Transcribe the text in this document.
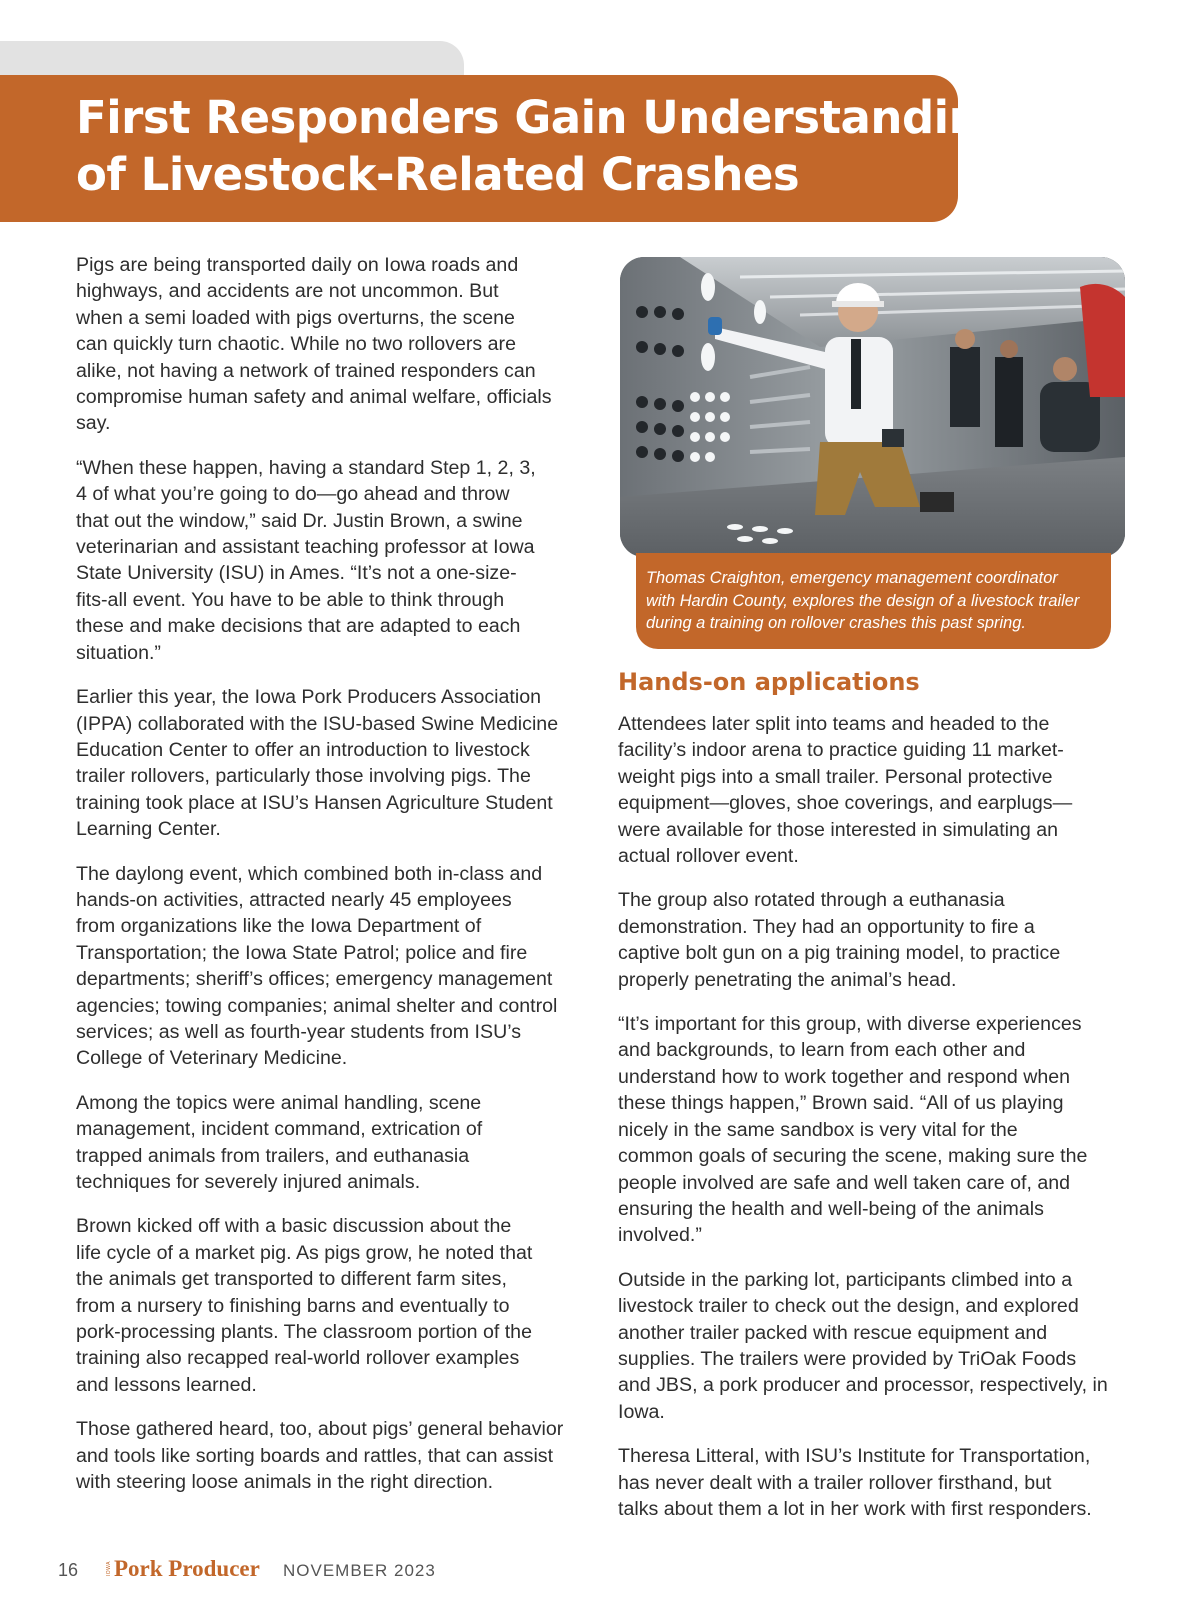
First Responders Gain Understanding
of Livestock-Related Crashes

Pigs are being transported daily on Iowa roads and
highways, and accidents are not uncommon. But
when a semi loaded with pigs overturns, the scene
can quickly turn chaotic. While no two rollovers are
alike, not having a network of trained responders can
compromise human safety and animal welfare, officials
say.

“When these happen, having a standard Step 1, 2, 3,
4 of what you’re going to do—go ahead and throw
that out the window,” said Dr. Justin Brown, a swine
veterinarian and assistant teaching professor at Iowa
State University (ISU) in Ames. “It’s not a one-size-
fits-all event. You have to be able to think through
these and make decisions that are adapted to each
situation.”

Earlier this year, the Iowa Pork Producers Association
(IPPA) collaborated with the ISU-based Swine Medicine
Education Center to offer an introduction to livestock
trailer rollovers, particularly those involving pigs. The
training took place at ISU’s Hansen Agriculture Student
Learning Center.

The daylong event, which combined both in-class and
hands-on activities, attracted nearly 45 employees
from organizations like the Iowa Department of
Transportation; the Iowa State Patrol; police and fire
departments; sheriff’s offices; emergency management
agencies; towing companies; animal shelter and control
services; as well as fourth-year students from ISU’s
College of Veterinary Medicine.

Among the topics were animal handling, scene
management, incident command, extrication of
trapped animals from trailers, and euthanasia
techniques for severely injured animals.

Brown kicked off with a basic discussion about the
life cycle of a market pig. As pigs grow, he noted that
the animals get transported to different farm sites,
from a nursery to finishing barns and eventually to
pork-processing plants. The classroom portion of the
training also recapped real-world rollover examples
and lessons learned.

Those gathered heard, too, about pigs’ general behavior
and tools like sorting boards and rattles, that can assist
with steering loose animals in the right direction.

Thomas Craighton, emergency management coordinator
with Hardin County, explores the design of a livestock trailer
during a training on rollover crashes this past spring.
Hands-on applications

Attendees later split into teams and headed to the
facility’s indoor arena to practice guiding 11 market-
weight pigs into a small trailer. Personal protective
equipment—gloves, shoe coverings, and earplugs—
were available for those interested in simulating an
actual rollover event.

The group also rotated through a euthanasia
demonstration. They had an opportunity to fire a
captive bolt gun on a pig training model, to practice
properly penetrating the animal’s head.

“It’s important for this group, with diverse experiences
and backgrounds, to learn from each other and
understand how to work together and respond when
these things happen,” Brown said. “All of us playing
nicely in the same sandbox is very vital for the
common goals of securing the scene, making sure the
people involved are safe and well taken care of, and
ensuring the health and well-being of the animals
involved.”

Outside in the parking lot, participants climbed into a
livestock trailer to check out the design, and explored
another trailer packed with rescue equipment and
supplies. The trailers were provided by TriOak Foods
and JBS, a pork producer and processor, respectively, in
Iowa.

Theresa Litteral, with ISU’s Institute for Transportation,
has never dealt with a trailer rollover firsthand, but
talks about them a lot in her work with first responders.

16	IOWA Pork Producer NOVEMBER 2023
